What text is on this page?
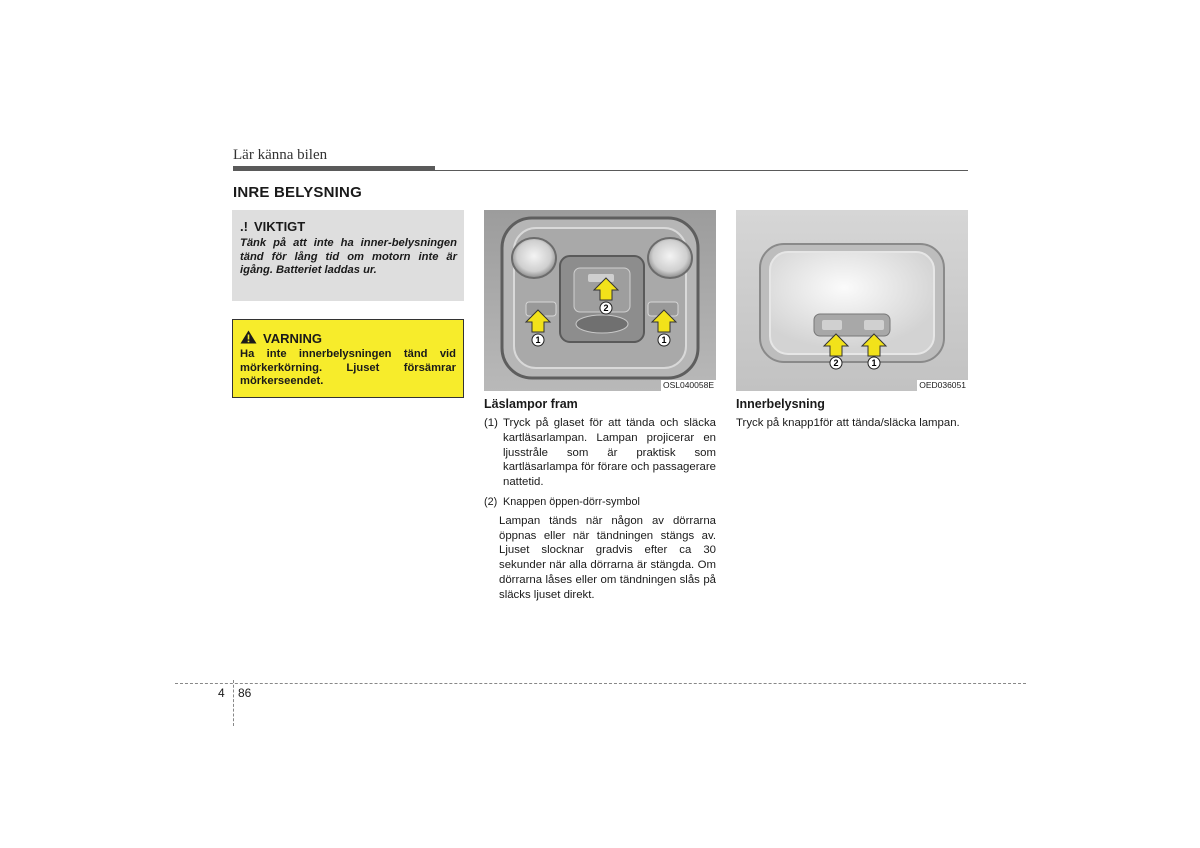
Lär känna bilen
INRE BELYSNING
.! VIKTIGT
Tänk på att inte ha inner-belysningen tänd för lång tid om motorn inte är igång. Batteriet laddas ur.
VARNING
Ha inte innerbelysningen tänd vid mörkerkörning. Ljuset försämrar mörkerseendet.
1
2
1
OSL040058E
2	1
OED036051
Läslampor fram
(1) Tryck på glaset för att tända och släcka kartläsarlampan. Lampan projicerar en ljusstråle som är praktisk som kartläsarlampa för förare och passagerare nattetid.
(2) Knappen öppen-dörr-symbol
Lampan tänds när någon av dörrarna öppnas eller när tändningen stängs av. Ljuset slocknar gradvis efter ca 30 sekunder när alla dörrarna är stängda. Om dörrarna låses eller om tändningen slås på släcks ljuset direkt.
Innerbelysning
Tryck på knapp1för att tända/släcka lampan.
4 86
